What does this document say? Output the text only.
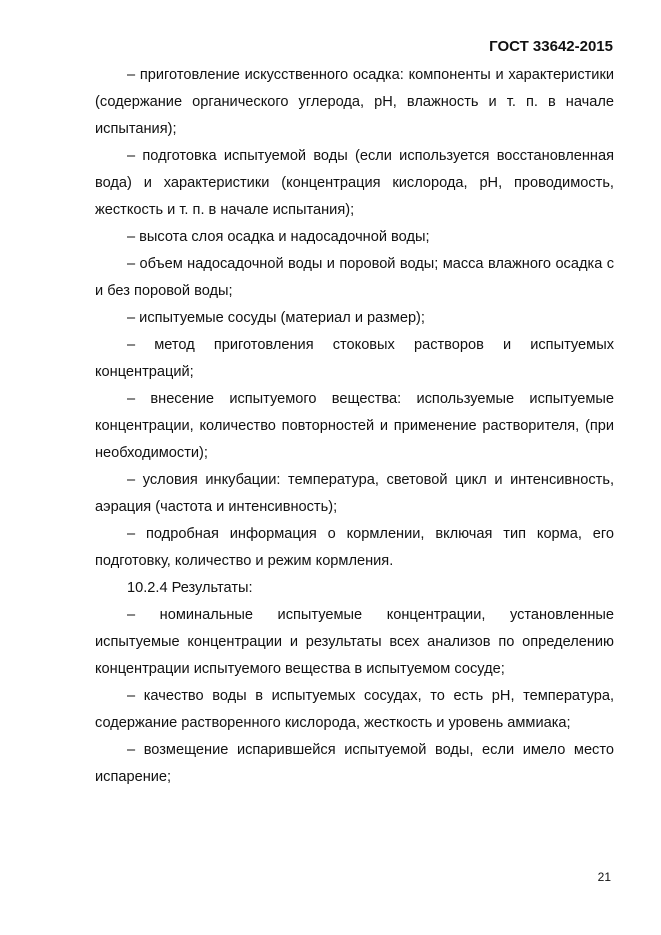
ГОСТ 33642-2015

– приготовление искусственного осадка: компоненты и характеристики (содержание органического углерода, pH, влажность и т. п. в начале испытания);

– подготовка испытуемой воды (если используется восстановленная вода) и характеристики (концентрация кислорода, pH, проводимость, жесткость и т. п. в начале испытания);

– высота слоя осадка и надосадочной воды;

– объем надосадочной воды и поровой воды; масса влажного осадка с и без поровой воды;

– испытуемые сосуды (материал и размер);

– метод приготовления стоковых растворов и испытуемых концентраций;

– внесение испытуемого вещества: используемые испытуемые концентрации, количество повторностей и применение растворителя, (при необходимости);

– условия инкубации: температура, световой цикл и интенсивность, аэрация (частота и интенсивность);

– подробная информация о кормлении, включая тип корма, его подготовку, количество и режим кормления.

10.2.4 Результаты:

– номинальные испытуемые концентрации, установленные испытуемые концентрации и результаты всех анализов по определению концентрации испытуемого вещества в испытуемом сосуде;

– качество воды в испытуемых сосудах, то есть pH, температура, содержание растворенного кислорода, жесткость и уровень аммиака;

– возмещение испарившейся испытуемой воды, если имело место испарение;

21
